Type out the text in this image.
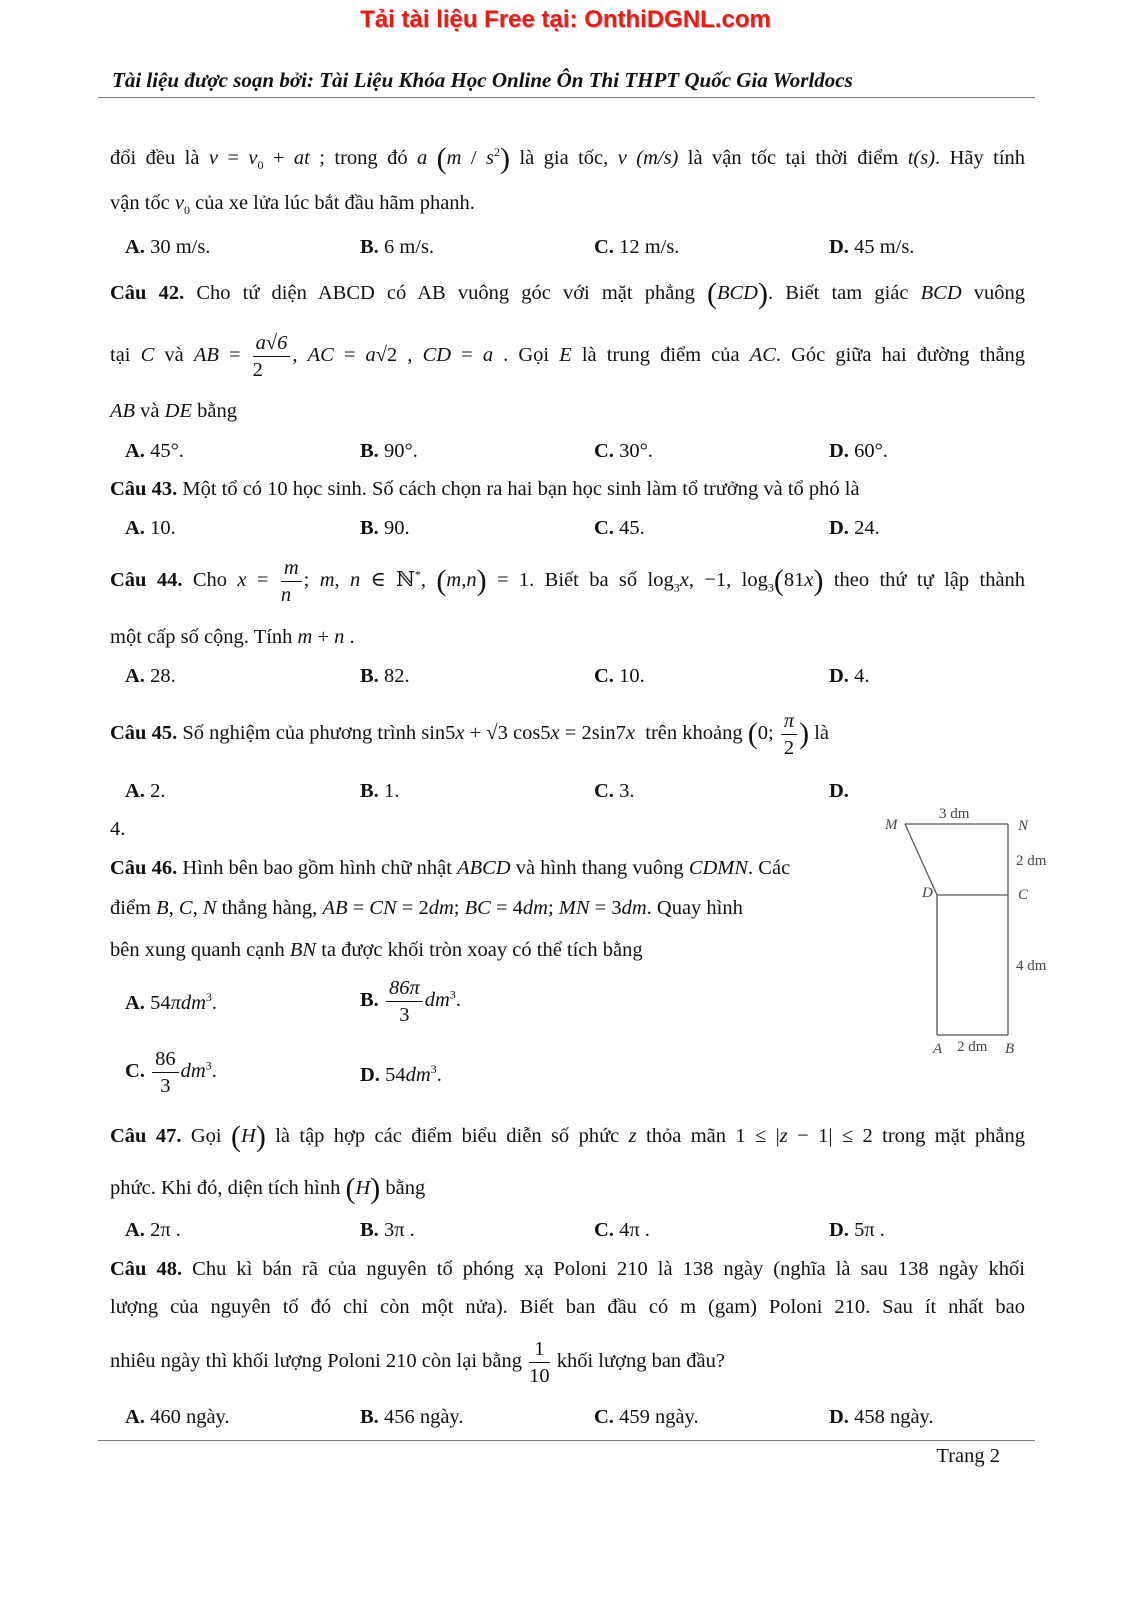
Tải tài liệu Free tại: OnthiDGNL.com
Tài liệu được soạn bởi: Tài Liệu Khóa Học Online Ôn Thi THPT Quốc Gia Worldocs
đổi đều là $v = v_0$ + at ; trong đó a $(m / s^2)$ là gia tốc, v (m/s) là vận tốc tại thời điểm t(s). Hãy tính
vận tốc $v_0$ của xe lửa lúc bắt đầu hãm phanh.
A. 30 m/s.	B. 6 m/s.	C. 12 m/s.	D. 45 m/s.
Câu 42. Cho tứ diện ABCD có AB vuông góc với mặt phẳng (BCD). Biết tam giác BCD vuông
tại C và AB = $\frac{a√6}{2}$ , AC = a√2 , CD = a . Gọi E là trung điểm của AC. Góc giữa hai đường thẳng
AB và DE bằng
A. 45°.	B. 90°.	C. 30°.	D. 60°.
Câu 43. Một tổ có 10 học sinh. Số cách chọn ra hai bạn học sinh làm tổ trưởng và tổ phó là
A. 10.	B. 90.	C. 45.	D. 24.
Câu 44. Cho $x = \frac{m}{n}$ ; m, n ∈ ℕ*, (m,n) = 1. Biết ba số $\log_3x$, −1, $\log_3(81x)$ theo thứ tự lập thành
một cấp số cộng. Tính m + n .
A. 28.	B. 82.	C. 10.	D. 4.
Câu 45. Số nghiệm của phương trình sin5x + √3 cos5x = 2sin7x trên khoảng (0; $\frac{\pi}{2}$ ) là
A. 2.	B. 1.	C. 3.	D.
4.
Câu 46. Hình bên bao gồm hình chữ nhật ABCD và hình thang vuông CDMN. Các
điểm B, C, N thẳng hàng, AB = CN = 2dm; BC = 4dm; MN = 3dm. Quay hình
bên xung quanh cạnh BN ta được khối tròn xoay có thể tích bằng
A. 54πdm$^3$.	B. $\frac{86\pi}{3} dm^3$.
C. $\frac{86}{3} dm^3$.	D. $54dm^3$.
M	N
D	C
A	B
3 dm
2 dm
4 dm
2 dm
Câu 47. Gọi (H) là tập hợp các điểm biểu diễn số phức z thỏa mãn 1 ≤ |z − 1| ≤ 2 trong mặt phẳng
phức. Khi đó, diện tích hình (H) bằng
A. 2π .	B. 3π .	C. 4π .	D. 5π .
Câu 48. Chu kì bán rã của nguyên tố phóng xạ Poloni 210 là 138 ngày (nghĩa là sau 138 ngày khối
lượng của nguyên tố đó chỉ còn một nửa). Biết ban đầu có m (gam) Poloni 210. Sau ít nhất bao
nhiêu ngày thì khối lượng Poloni 210 còn lại bằng $\frac{1}{10}$ khối lượng ban đầu?
A. 460 ngày.	B. 456 ngày.	C. 459 ngày.	D. 458 ngày.
Trang 2
